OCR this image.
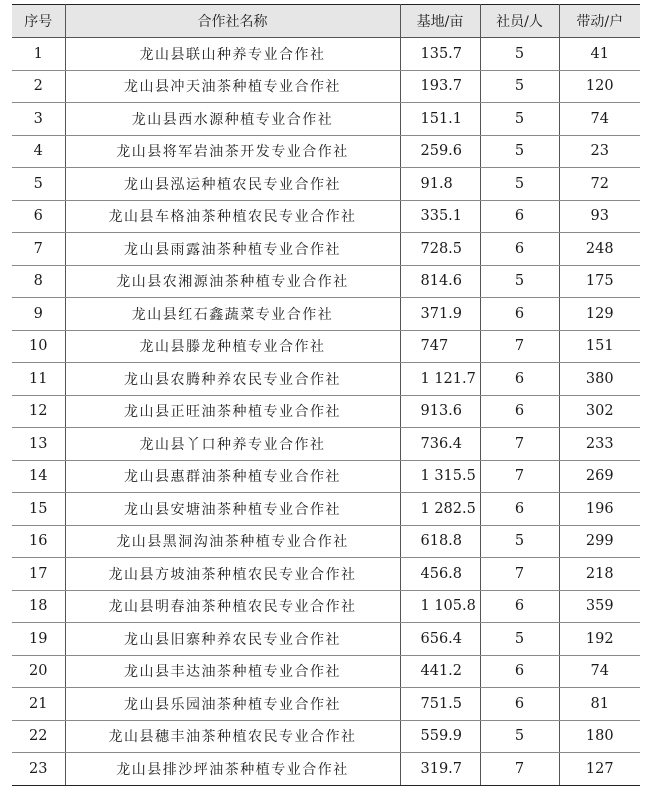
序号	合作社名称	基地/亩	社员/人	带动/户
1	龙山县联山种养专业合作社	135.7	5	41
2	龙山县冲天油茶种植专业合作社	193.7	5	120
3	龙山县西水源种植专业合作社	151.1	5	74
4	龙山县将军岩油茶开发专业合作社	259.6	5	23
5	龙山县泓运种植农民专业合作社	91.8	5	72
6	龙山县车格油茶种植农民专业合作社	335.1	6	93
7	龙山县雨露油茶种植专业合作社	728.5	6	248
8	龙山县农湘源油茶种植专业合作社	814.6	5	175
9	龙山县红石鑫蔬菜专业合作社	371.9	6	129
10	龙山县滕龙种植专业合作社	747	7	151
11	龙山县农腾种养农民专业合作社	1 121.7	6	380
12	龙山县正旺油茶种植专业合作社	913.6	6	302
13	龙山县丫口种养专业合作社	736.4	7	233
14	龙山县惠群油茶种植专业合作社	1 315.5	7	269
15	龙山县安塘油茶种植专业合作社	1 282.5	6	196
16	龙山县黑洞沟油茶种植专业合作社	618.8	5	299
17	龙山县方坡油茶种植农民专业合作社	456.8	7	218
18	龙山县明春油茶种植农民专业合作社	1 105.8	6	359
19	龙山县旧寨种养农民专业合作社	656.4	5	192
20	龙山县丰达油茶种植专业合作社	441.2	6	74
21	龙山县乐园油茶种植专业合作社	751.5	6	81
22	龙山县穗丰油茶种植农民专业合作社	559.9	5	180
23	龙山县排沙坪油茶种植专业合作社	319.7	7	127
